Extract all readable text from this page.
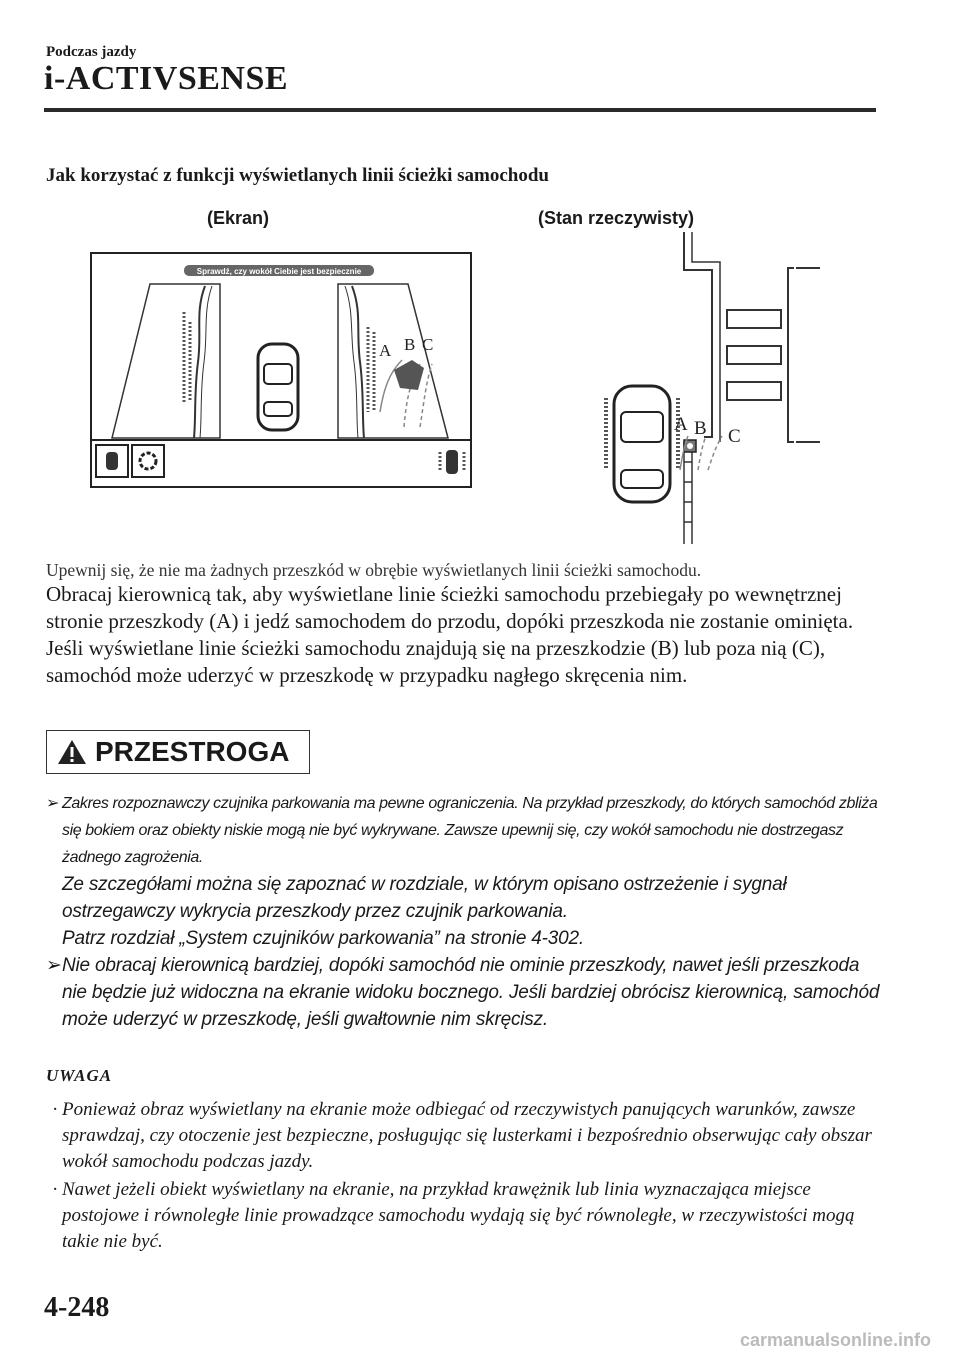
Podczas jazdy
i-ACTIVSENSE
Jak korzystać z funkcji wyświetlanych linii ścieżki samochodu
(Ekran)	(Stan rzeczywisty)
Sprawdź, czy wokół Ciebie jest bezpiecznie
A B C
A B C
Upewnij się, że nie ma żadnych przeszkód w obrębie wyświetlanych linii ścieżki samochodu.

Obracaj kierownicą tak, aby wyświetlane linie ścieżki samochodu przebiegały po wewnętrznej stronie przeszkody (A) i jedź samochodem do przodu, dopóki przeszkoda nie zostanie ominięta.

Jeśli wyświetlane linie ścieżki samochodu znajdują się na przeszkodzie (B) lub poza nią (C), samochód może uderzyć w przeszkodę w przypadku nagłego skręcenia nim.

PRZESTROGA

➢ Zakres rozpoznawczy czujnika parkowania ma pewne ograniczenia. Na przykład przeszkody, do których samochód zbliża się bokiem oraz obiekty niskie mogą nie być wykrywane. Zawsze upewnij się, czy wokół samochodu nie dostrzegasz żadnego zagrożenia.

Ze szczegółami można się zapoznać w rozdziale, w którym opisano ostrzeżenie i sygnał ostrzegawczy wykrycia przeszkody przez czujnik parkowania.

Patrz rozdział „System czujników parkowania” na stronie 4-302.

➢ Nie obracaj kierownicą bardziej, dopóki samochód nie ominie przeszkody, nawet jeśli przeszkoda nie będzie już widoczna na ekranie widoku bocznego. Jeśli bardziej obrócisz kierownicą, samochód może uderzyć w przeszkodę, jeśli gwałtownie nim skręcisz.

UWAGA

· Ponieważ obraz wyświetlany na ekranie może odbiegać od rzeczywistych panujących warunków, zawsze sprawdzaj, czy otoczenie jest bezpieczne, posługując się lusterkami i bezpośrednio obserwując cały obszar wokół samochodu podczas jazdy.

· Nawet jeżeli obiekt wyświetlany na ekranie, na przykład krawężnik lub linia wyznaczająca miejsce postojowe i równoległe linie prowadzące samochodu wydają się być równoległe, w rzeczywistości mogą takie nie być.

4-248
carmanualsonline.info
